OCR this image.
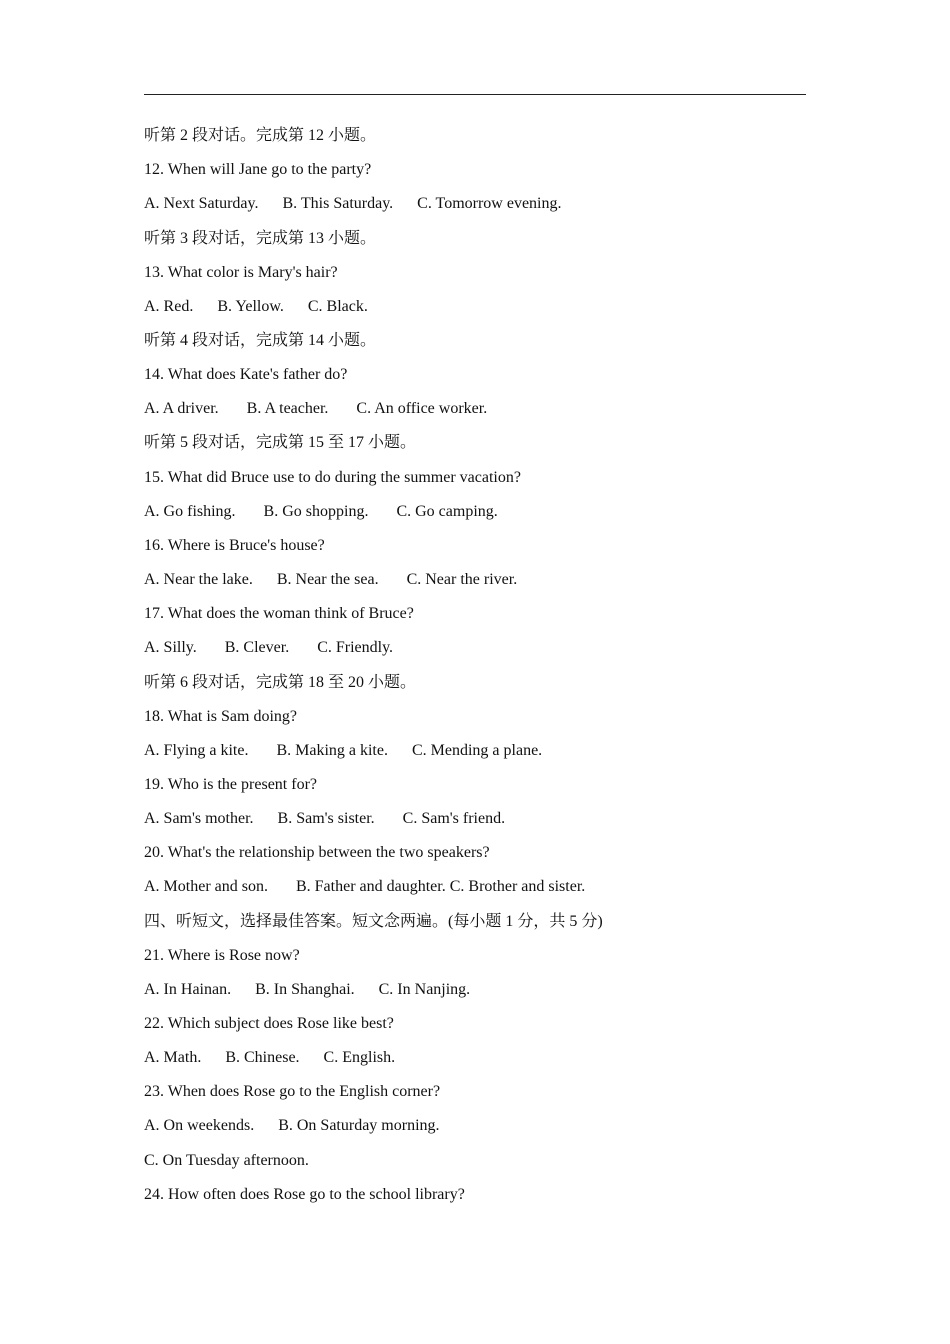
听第 2 段对话。完成第 12 小题。
12. When will Jane go to the party?
A. Next Saturday.      B. This Saturday.      C. Tomorrow evening.
听第 3 段对话，完成第 13 小题。
13. What color is Mary's hair?
A. Red.      B. Yellow.      C. Black.
听第 4 段对话，完成第 14 小题。
14. What does Kate's father do?
A. A driver.       B. A teacher.       C. An office worker.
听第 5 段对话，完成第 15 至 17 小题。
15. What did Bruce use to do during the summer vacation?
A. Go fishing.       B. Go shopping.       C. Go camping.
16. Where is Bruce's house?
A. Near the lake.      B. Near the sea.       C. Near the river.
17. What does the woman think of Bruce?
A. Silly.       B. Clever.       C. Friendly.
听第 6 段对话，完成第 18 至 20 小题。
18. What is Sam doing?
A. Flying a kite.       B. Making a kite.      C. Mending a plane.
19. Who is the present for?
A. Sam's mother.      B. Sam's sister.       C. Sam's friend.
20. What's the relationship between the two speakers?
A. Mother and son.       B. Father and daughter. C. Brother and sister.
四、听短文，选择最佳答案。短文念两遍。(每小题 1 分，共 5 分)
21. Where is Rose now?
A. In Hainan.      B. In Shanghai.      C. In Nanjing.
22. Which subject does Rose like best?
A. Math.      B. Chinese.      C. English.
23. When does Rose go to the English corner?
A. On weekends.      B. On Saturday morning.
C. On Tuesday afternoon.
24. How often does Rose go to the school library?
